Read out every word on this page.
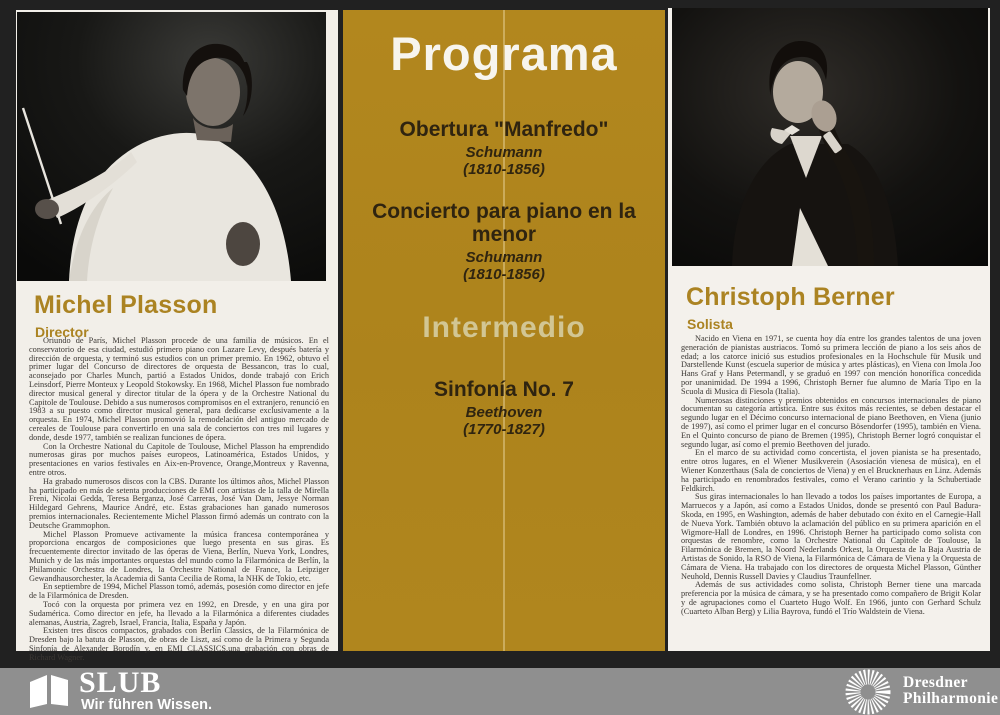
Michel Plasson
Director

Oriundo de París, Michel Plasson procede de una familia de músicos. En el conservatorio de esa ciudad, estudió primero piano con Lazare Levy, después batería y dirección de orquesta, y terminó sus estudios con un primer premio. En 1962, obtuvo el primer lugar del Concurso de directores de orquesta de Bessancon, tras lo cual, aconsejado por Charles Munch, partió a Estados Unidos, donde trabajó con Erich Leinsdorf, Pierre Monteux y Leopold Stokowsky. En 1968, Michel Plasson fue nombrado director musical general y director titular de la ópera y de la Orchestre National du Capitole de Toulouse. Debido a sus numerosos compromisos en el extranjero, renunció en 1983 a su puesto como director musical general, para dedicarse exclusivamente a la orquesta. En 1974, Michel Plasson promovió la remodelación del antiguo mercado de cereales de Toulouse para convertirlo en una sala de conciertos con tres mil lugares y donde, desde 1977, también se realizan funciones de ópera.

Con la Orchestre National du Capitole de Toulouse, Michel Plasson ha emprendido numerosas giras por muchos países europeos, Latinoamérica, Estados Unidos, y presentaciones en varios festivales en Aix-en-Provence, Orange,Montreux y Ravenna, entre otros.

Ha grabado numerosos discos con la CBS. Durante los últimos años, Michel Plasson ha participado en más de setenta producciones de EMI con artistas de la talla de Mirella Freni, Nicolai Gedda, Teresa Berganza, José Carreras, José Van Dam, Jessye Norman Hildegard Gehrens, Maurice André, etc. Estas grabaciones han ganado numerosos premios internacionales. Recientemente Michel Plasson firmó además un contrato con la Deutsche Grammophon.

Michel Plasson Promueve activamente la música francesa contemporánea y proporciona encargos de composiciones que luego presenta en sus giras. Es frecuentemente director invitado de las óperas de Viena, Berlín, Nueva York, Londres, Munich y de las más importantes orquestas del mundo como la Filarmónica de Berlín, la Philamonic Orchestra de Londres, la Orchestre National de France, la Leipziger Gewandhausorchester, la Academia di Santa Cecilia de Roma, la NHK de Tokio, etc.

En septiembre de 1994, Michel Plasson tomó, además, posesión como director en jefe de la Filarmónica de Dresden.

Tocó con la orquesta por primera vez en 1992, en Dresde, y en una gira por Sudamérica. Como director en jefe, ha llevado a la Filarmónica a diferentes ciudades alemanas, Austria, Zagreb, Israel, Francia, Italia, España y Japón.

Existen tres discos compactos, grabados con Berlín Classics, de la Filarmónica de Dresden bajo la batuta de Plasson, de obras de Liszt, así como de la Primera y Segunda Sinfonía de Alexander Borodín y, en EMI CLASSICS,una grabación con obras de Richard Wagner.

Programa
Obertura "Manfredo"
Schumann
(1810-1856)
Concierto para piano en la menor
Schumann
(1810-1856)
Intermedio
Sinfonía No. 7
Beethoven
(1770-1827)
Christoph Berner
Solista

Nacido en Viena en 1971, se cuenta hoy día entre los grandes talentos de una joven generación de pianistas austriacos. Tomó su primera lección de piano a los seis años de edad; a los catorce inició sus estudios profesionales en la Hochschule für Musik und Darstellende Kunst (escuela superior de música y artes plásticas), en Viena con Imola Joo Hans Graf y Hans Petermandl, y se graduó en 1997 con mención honorífica concedida por unanimidad. De 1994 a 1996, Christoph Berner fue alumno de María Tipo en la Scuola di Musica di Fiesola (Italia).

Numerosas distinciones y premios obtenidos en concursos internacionales de piano documentan su categoría artística. Entre sus éxitos más recientes, se deben destacar el segundo lugar en el Décimo concurso internacional de piano Beethoven, en Viena (junio de 1997), así como el primer lugar en el concurso Bösendorfer (1995), también en Viena. En el Quinto concurso de piano de Bremen (1995), Christoph Berner logró conquistar el segundo lugar, así como el premio Beethoven del jurado.

En el marco de su actividad como concertista, el joven pianista se ha presentado, entre otros lugares, en el Wiener Musikverein (Asosiación vienesa de música), en el Wiener Konzerthaus (Sala de conciertos de Viena) y en el Brucknerhaus en Linz. Además ha participado en renombrados festivales, como el Verano carintio y la Schubertiade Feldkirch.

Sus giras internacionales lo han llevado a todos los países importantes de Europa, a Marruecos y a Japón, así como a Estados Unidos, donde se presentó con Paul Badura-Skoda, en 1995, en Washington, además de haber debutado con éxito en el Carnegie-Hall de Nueva York. También obtuvo la aclamación del público en su primera aparición en el Wigmore-Hall de Londres, en 1996. Christoph Berner ha participado como solista con orquestas de renombre, como la Orchestre National du Capitole de Toulouse, la Filarmónica de Bremen, la Noord Nederlands Orkest, la Orquesta de la Baja Austria de Artistas de Sonido, la RSO de Viena, la Filarmónica de Cámara de Viena y la Orquesta de Cámara de Viena. Ha trabajado con los directores de orquesta Michel Plasson, Günther Neuhold, Dennis Russell Davies y Claudius Traunfellner.

Además de sus actividades como solista, Christoph Berner tiene una marcada preferencia por la música de cámara, y se ha presentado como compañero de Brigit Kolar y de agrupaciones como el Cuarteto Hugo Wolf. En 1966, junto con Gerhard Schulz (Cuarteto Alban Berg) y Lilia Bayrova, fundó el Trío Waldstein de Viena.

SLUB

Wir führen Wissen.

Dresdner
Philharmonie
